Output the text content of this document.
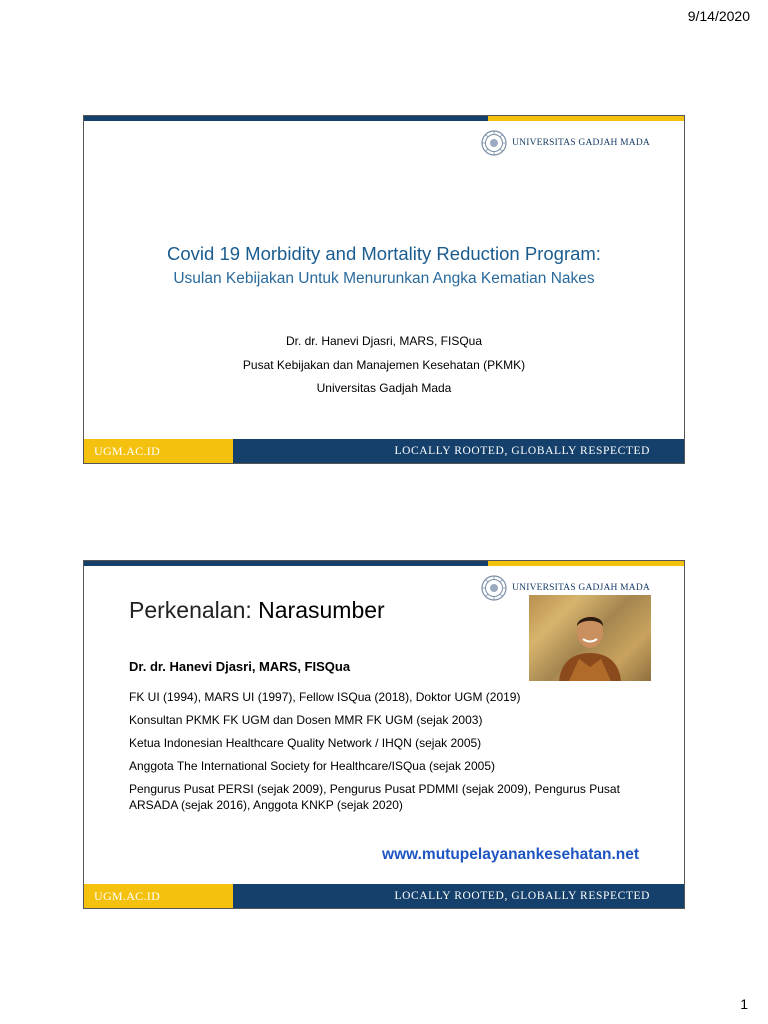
9/14/2020
UNIVERSITAS GADJAH MADA
Covid 19 Morbidity and Mortality Reduction Program:
Usulan Kebijakan Untuk Menurunkan Angka Kematian Nakes
Dr. dr. Hanevi Djasri, MARS, FISQua
Pusat Kebijakan dan Manajemen Kesehatan (PKMK)
Universitas Gadjah Mada
UGM.AC.ID	LOCALLY ROOTED, GLOBALLY RESPECTED
UNIVERSITAS GADJAH MADA
Perkenalan: Narasumber
Dr. dr. Hanevi Djasri, MARS, FISQua
FK UI (1994), MARS UI (1997), Fellow ISQua (2018), Doktor UGM (2019)
Konsultan PKMK FK UGM dan Dosen MMR FK UGM (sejak 2003)
Ketua Indonesian Healthcare Quality Network / IHQN (sejak 2005)
Anggota The International Society for Healthcare/ISQua (sejak 2005)
Pengurus Pusat PERSI (sejak 2009), Pengurus Pusat PDMMI (sejak 2009), Pengurus Pusat ARSADA (sejak 2016), Anggota KNKP (sejak 2020)
www.mutupelayanankesehatan.net
UGM.AC.ID	LOCALLY ROOTED, GLOBALLY RESPECTED
1
